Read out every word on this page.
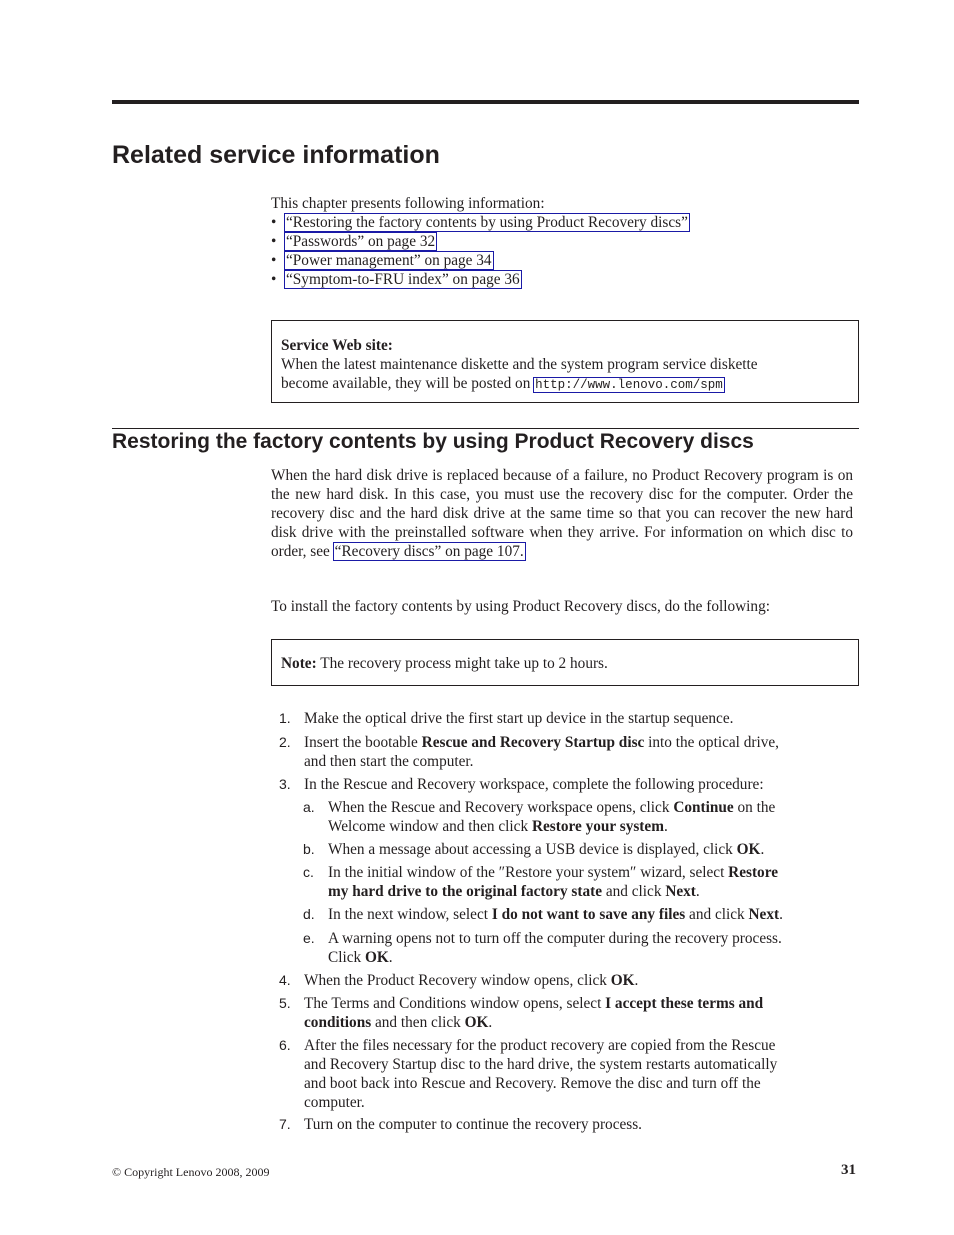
Related service information
This chapter presents following information:
• “Restoring the factory contents by using Product Recovery discs”
• “Passwords” on page 32
• “Power management” on page 34
• “Symptom-to-FRU index” on page 36
Service Web site:
When the latest maintenance diskette and the system program service diskette
become available, they will be posted on http://www.lenovo.com/spm
Restoring the factory contents by using Product Recovery discs

When the hard disk drive is replaced because of a failure, no Product Recovery program is on the new hard disk. In this case, you must use the recovery disc for the computer. Order the recovery disc and the hard disk drive at the same time so that you can recover the new hard disk drive with the preinstalled software when they arrive. For information on which disc to order, see “Recovery discs” on page 107.

To install the factory contents by using Product Recovery discs, do the following:

Note: The recovery process might take up to 2 hours.
1. Make the optical drive the first start up device in the startup sequence.
2. Insert the bootable Rescue and Recovery Startup disc into the optical drive,
and then start the computer.
3. In the Rescue and Recovery workspace, complete the following procedure:
a. When the Rescue and Recovery workspace opens, click Continue on the
Welcome window and then click Restore your system.
b. When a message about accessing a USB device is displayed, click OK.
c. In the initial window of the ″Restore your system″ wizard, select Restore
my hard drive to the original factory state and click Next.
d. In the next window, select I do not want to save any files and click Next.
e. A warning opens not to turn off the computer during the recovery process.
Click OK.
4. When the Product Recovery window opens, click OK.
5. The Terms and Conditions window opens, select I accept these terms and
conditions and then click OK.
6. After the files necessary for the product recovery are copied from the Rescue
and Recovery Startup disc to the hard drive, the system restarts automatically
and boot back into Rescue and Recovery. Remove the disc and turn off the
computer.
7. Turn on the computer to continue the recovery process.
© Copyright Lenovo 2008, 2009	31
